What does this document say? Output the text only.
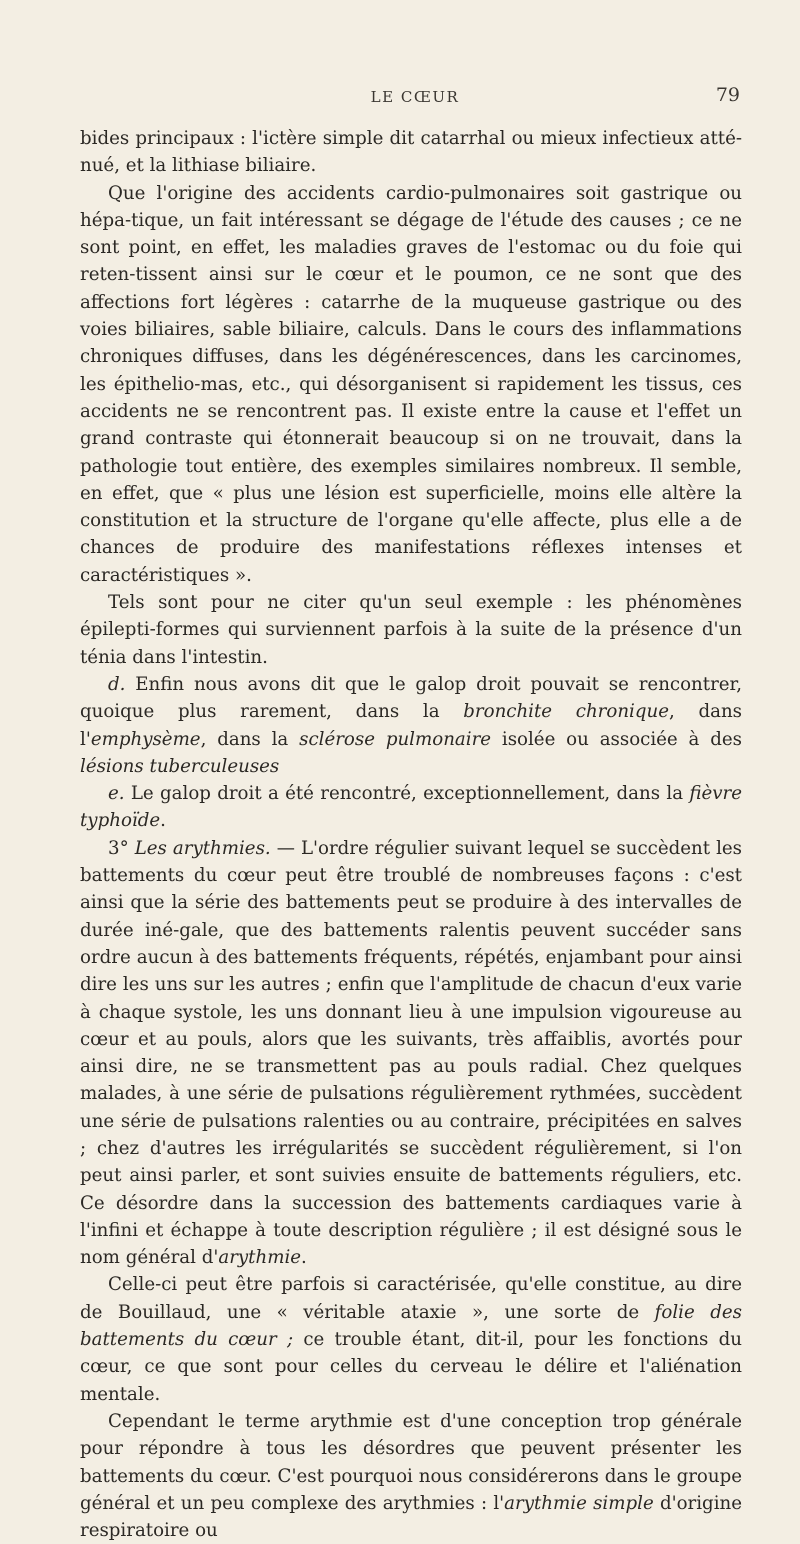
LE CŒUR	79

bides principaux : l'ictère simple dit catarrhal ou mieux infectieux atté-nué, et la lithiase biliaire.

Que l'origine des accidents cardio-pulmonaires soit gastrique ou hépa-tique, un fait intéressant se dégage de l'étude des causes ; ce ne sont point, en effet, les maladies graves de l'estomac ou du foie qui reten-tissent ainsi sur le cœur et le poumon, ce ne sont que des affections fort légères : catarrhe de la muqueuse gastrique ou des voies biliaires, sable biliaire, calculs. Dans le cours des inflammations chroniques diffuses, dans les dégénérescences, dans les carcinomes, les épithelio-mas, etc., qui désorganisent si rapidement les tissus, ces accidents ne se rencontrent pas. Il existe entre la cause et l'effet un grand contraste qui étonnerait beaucoup si on ne trouvait, dans la pathologie tout entière, des exemples similaires nombreux. Il semble, en effet, que « plus une lésion est superficielle, moins elle altère la constitution et la structure de l'organe qu'elle affecte, plus elle a de chances de produire des manifestations réflexes intenses et caractéristiques ».

Tels sont pour ne citer qu'un seul exemple : les phénomènes épilepti-formes qui surviennent parfois à la suite de la présence d'un ténia dans l'intestin.

d. Enfin nous avons dit que le galop droit pouvait se rencontrer, quoique plus rarement, dans la bronchite chronique, dans l'emphysème, dans la sclérose pulmonaire isolée ou associée à des lésions tuberculeuses

e. Le galop droit a été rencontré, exceptionnellement, dans la fièvre typhoïde.

3° Les arythmies. — L'ordre régulier suivant lequel se succèdent les battements du cœur peut être troublé de nombreuses façons : c'est ainsi que la série des battements peut se produire à des intervalles de durée iné-gale, que des battements ralentis peuvent succéder sans ordre aucun à des battements fréquents, répétés, enjambant pour ainsi dire les uns sur les autres ; enfin que l'amplitude de chacun d'eux varie à chaque systole, les uns donnant lieu à une impulsion vigoureuse au cœur et au pouls, alors que les suivants, très affaiblis, avortés pour ainsi dire, ne se transmettent pas au pouls radial. Chez quelques malades, à une série de pulsations régulièrement rythmées, succèdent une série de pulsations ralenties ou au contraire, précipitées en salves ; chez d'autres les irrégularités se succèdent régulièrement, si l'on peut ainsi parler, et sont suivies ensuite de battements réguliers, etc. Ce désordre dans la succession des battements cardiaques varie à l'infini et échappe à toute description régulière ; il est désigné sous le nom général d'arythmie.

Celle-ci peut être parfois si caractérisée, qu'elle constitue, au dire de Bouillaud, une « véritable ataxie », une sorte de folie des battements du cœur ; ce trouble étant, dit-il, pour les fonctions du cœur, ce que sont pour celles du cerveau le délire et l'aliénation mentale.

Cependant le terme arythmie est d'une conception trop générale pour répondre à tous les désordres que peuvent présenter les battements du cœur. C'est pourquoi nous considérerons dans le groupe général et un peu complexe des arythmies : l'arythmie simple d'origine respiratoire ou
